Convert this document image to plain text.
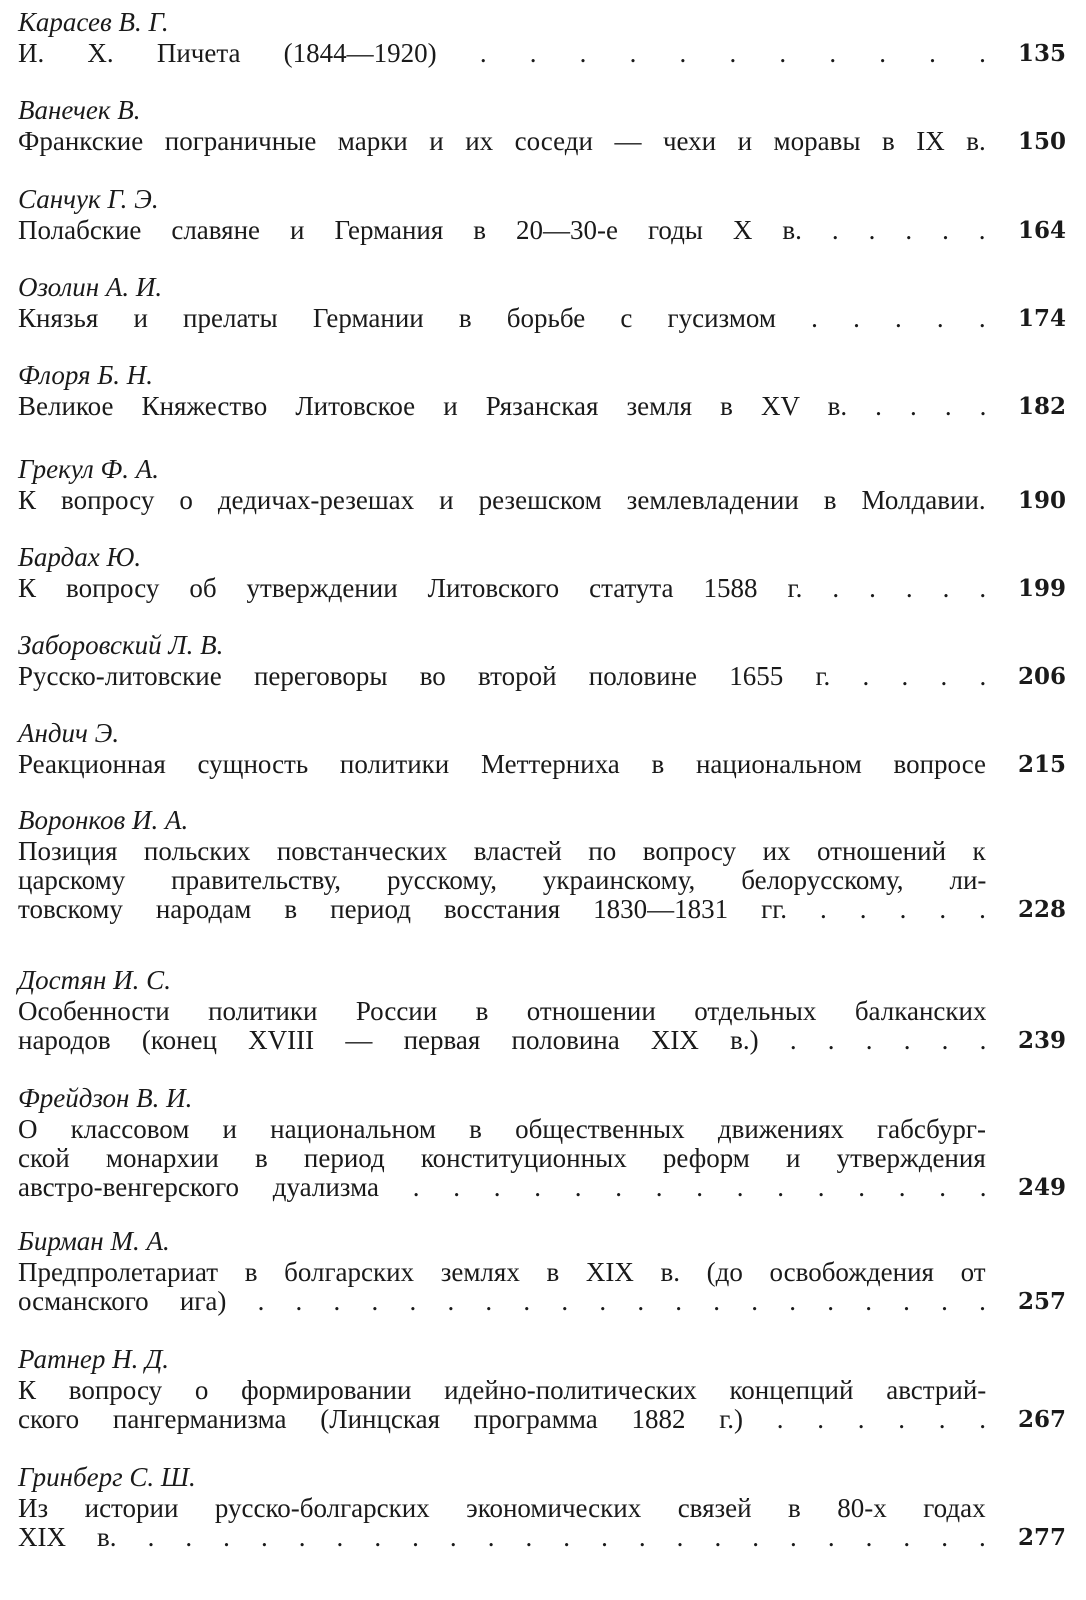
Карасев В. Г.
И. Х. Пичета (1844—1920) . . . . . . . . . . . 135
Ванечек В.
Франкские пограничные марки и их соседи — чехи и моравы в IX в. 150
Санчук Г. Э.
Полабские славяне и Германия в 20—30-е годы X в. . . . . . 164
Озолин А. И.
Князья и прелаты Германии в борьбе с гусизмом . . . . . 174
Флоря Б. Н.
Великое Княжество Литовское и Рязанская земля в XV в. . . . . 182
Грекул Ф. А.
К вопросу о дедичах-резешах и резешском землевладении в Молдавии. 190
Бардах Ю.
К вопросу об утверждении Литовского статута 1588 г. . . . . . 199
Заборовский Л. В.
Русско-литовские переговоры во второй половине 1655 г. . . . . 206
Андич Э.
Реакционная сущность политики Меттерниха в национальном вопросе 215
Воронков И. А.
Позиция польских повстанческих властей по вопросу их отношений к
царскому правительству, русскому, украинскому, белорусскому, ли-
товскому народам в период восстания 1830—1831 гг. . . . . . 228
Достян И. С.
Особенности политики России в отношении отдельных балканских
народов (конец XVIII — первая половина XIX в.) . . . . . . 239
Фрейдзон В. И.
О классовом и национальном в общественных движениях габсбург-
ской монархии в период конституционных реформ и утверждения
австро-венгерского дуализма . . . . . . . . . . . . . . . 249
Бирман М. А.
Предпролетариат в болгарских землях в XIX в. (до освобождения от
османского ига) . . . . . . . . . . . . . . . . . . . . 257
Ратнер Н. Д.
К вопросу о формировании идейно-политических концепций австрий-
ского пангерманизма (Линцская программа 1882 г.) . . . . . . 267
Гринберг С. Ш.
Из истории русско-болгарских экономических связей в 80-х годах
XIX в. . . . . . . . . . . . . . . . . . . . . . . . 277
